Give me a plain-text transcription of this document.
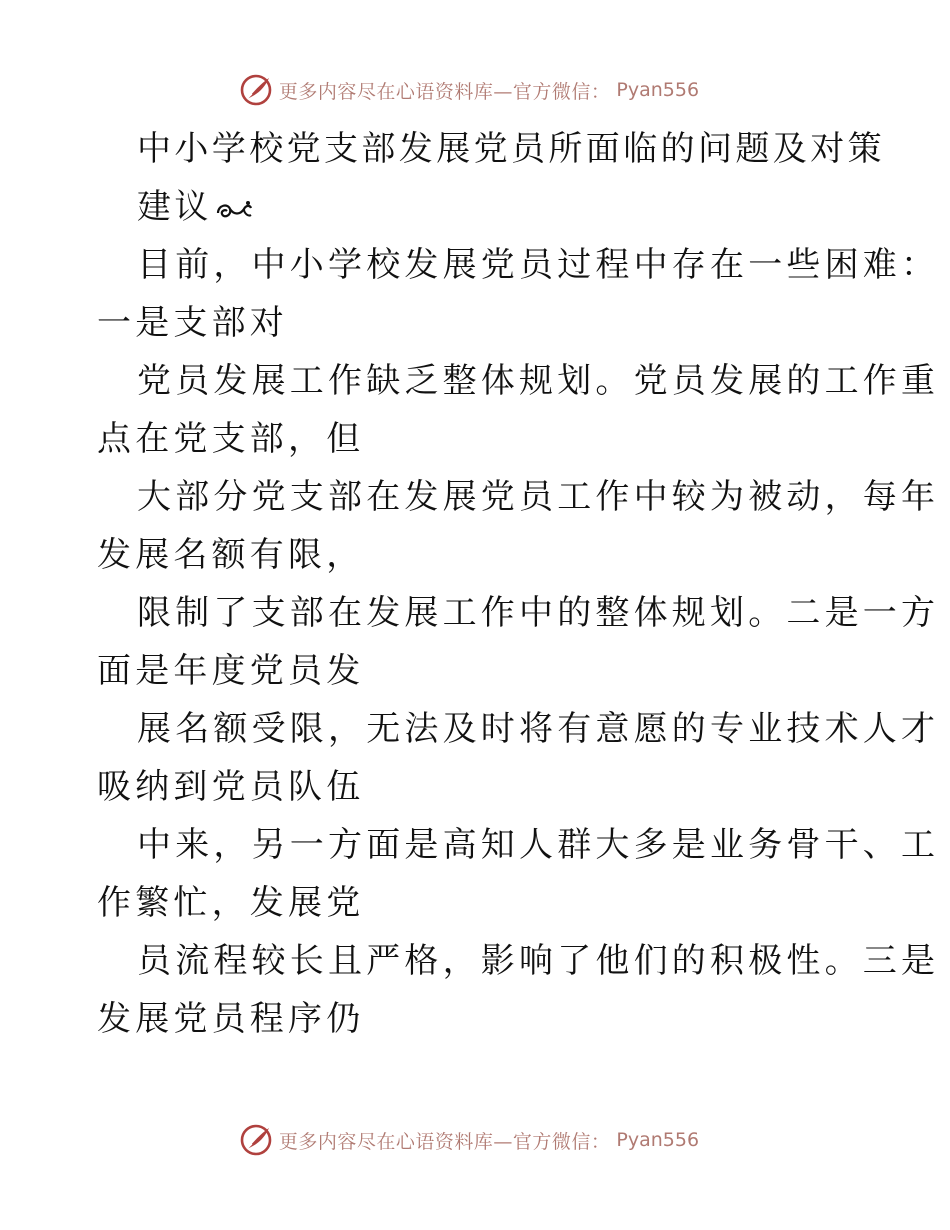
更多内容尽在心语资料库—官方微信： Pyan556
中小学校党支部发展党员所面临的问题及对策
建议
目前，中小学校发展党员过程中存在一些困难：
一是支部对
党员发展工作缺乏整体规划。党员发展的工作重
点在党支部，但
大部分党支部在发展党员工作中较为被动，每年
发展名额有限，
限制了支部在发展工作中的整体规划。二是一方
面是年度党员发
展名额受限，无法及时将有意愿的专业技术人才
吸纳到党员队伍
中来，另一方面是高知人群大多是业务骨干、工
作繁忙，发展党
员流程较长且严格，影响了他们的积极性。三是
发展党员程序仍
更多内容尽在心语资料库—官方微信： Pyan556
